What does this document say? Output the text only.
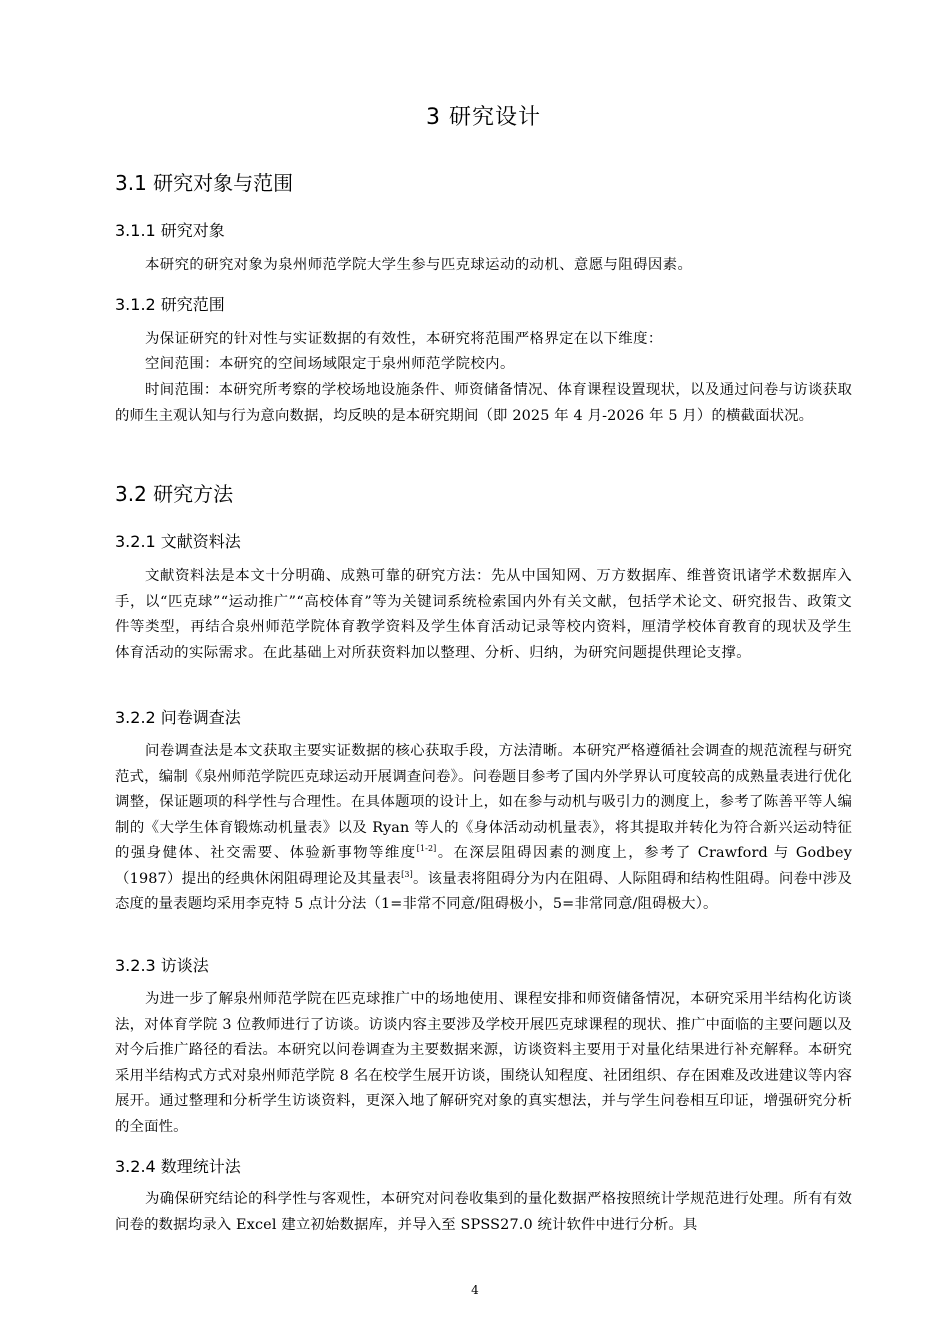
3 研究设计
3.1 研究对象与范围
3.1.1 研究对象
本研究的研究对象为泉州师范学院大学生参与匹克球运动的动机、意愿与阻碍因素。
3.1.2 研究范围
为保证研究的针对性与实证数据的有效性，本研究将范围严格界定在以下维度：
空间范围：本研究的空间场域限定于泉州师范学院校内。
时间范围：本研究所考察的学校场地设施条件、师资储备情况、体育课程设置现状，以及通过问卷与访谈获取的师生主观认知与行为意向数据，均反映的是本研究期间（即 2025 年 4 月-2026 年 5 月）的横截面状况。
3.2 研究方法
3.2.1 文献资料法
文献资料法是本文十分明确、成熟可靠的研究方法：先从中国知网、万方数据库、维普资讯诸学术数据库入手，以“匹克球”“运动推广”“高校体育”等为关键词系统检索国内外有关文献，包括学术论文、研究报告、政策文件等类型，再结合泉州师范学院体育教学资料及学生体育活动记录等校内资料，厘清学校体育教育的现状及学生体育活动的实际需求。在此基础上对所获资料加以整理、分析、归纳，为研究问题提供理论支撑。
3.2.2 问卷调查法
问卷调查法是本文获取主要实证数据的核心获取手段，方法清晰。本研究严格遵循社会调查的规范流程与研究范式，编制《泉州师范学院匹克球运动开展调查问卷》。问卷题目参考了国内外学界认可度较高的成熟量表进行优化调整，保证题项的科学性与合理性。在具体题项的设计上，如在参与动机与吸引力的测度上，参考了陈善平等人编制的《大学生体育锻炼动机量表》以及 Ryan 等人的《身体活动动机量表》，将其提取并转化为符合新兴运动特征的强身健体、社交需要、体验新事物等维度[1-2]。在深层阻碍因素的测度上，参考了 Crawford 与 Godbey（1987）提出的经典休闲阻碍理论及其量表[3]。该量表将阻碍分为内在阻碍、人际阻碍和结构性阻碍。问卷中涉及态度的量表题均采用李克特 5 点计分法（1=非常不同意/阻碍极小，5=非常同意/阻碍极大）。
3.2.3 访谈法
为进一步了解泉州师范学院在匹克球推广中的场地使用、课程安排和师资储备情况，本研究采用半结构化访谈法，对体育学院 3 位教师进行了访谈。访谈内容主要涉及学校开展匹克球课程的现状、推广中面临的主要问题以及对今后推广路径的看法。本研究以问卷调查为主要数据来源，访谈资料主要用于对量化结果进行补充解释。本研究采用半结构式方式对泉州师范学院 8 名在校学生展开访谈，围绕认知程度、社团组织、存在困难及改进建议等内容展开。通过整理和分析学生访谈资料，更深入地了解研究对象的真实想法，并与学生问卷相互印证，增强研究分析的全面性。
3.2.4 数理统计法
为确保研究结论的科学性与客观性，本研究对问卷收集到的量化数据严格按照统计学规范进行处理。所有有效问卷的数据均录入 Excel 建立初始数据库，并导入至 SPSS27.0 统计软件中进行分析。具
4
